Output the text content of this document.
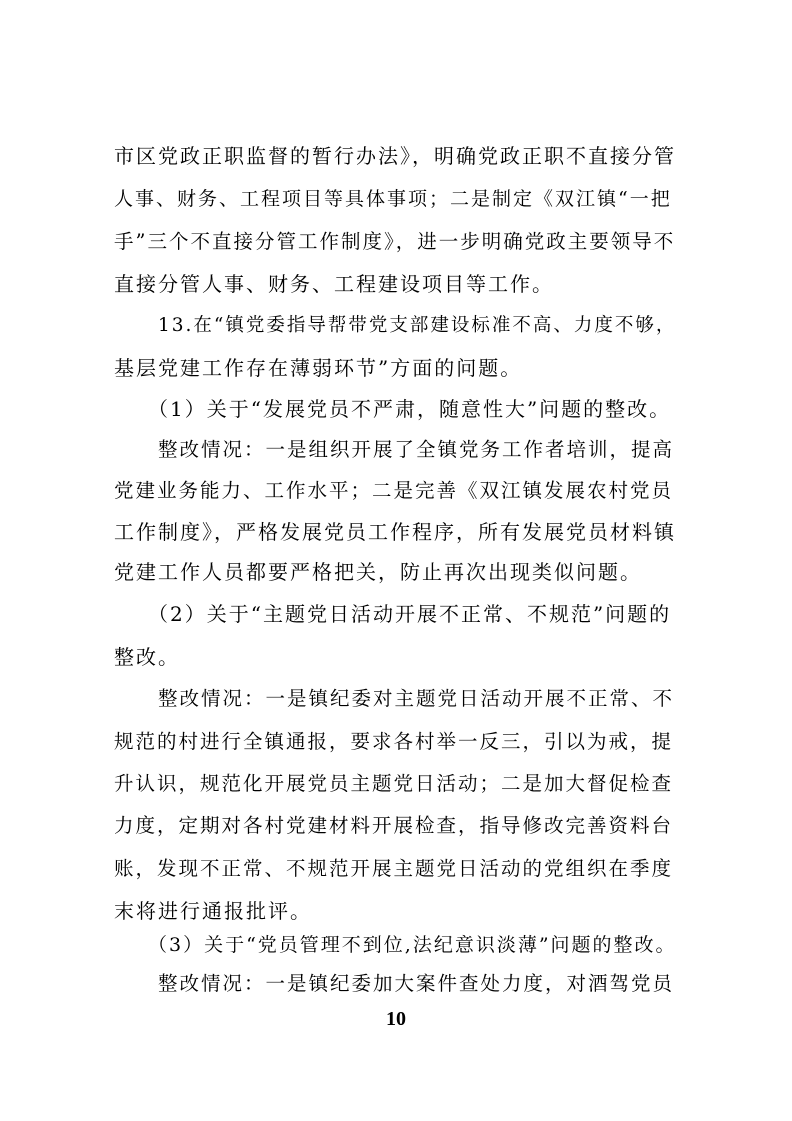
市区党政正职监督的暂行办法》，明确党政正职不直接分管
人事、财务、工程项目等具体事项；二是制定《双江镇“一把
手”三个不直接分管工作制度》，进一步明确党政主要领导不
直接分管人事、财务、工程建设项目等工作。
13.在“镇党委指导帮带党支部建设标准不高、力度不够，
基层党建工作存在薄弱环节”方面的问题。
（1）关于“发展党员不严肃，随意性大”问题的整改。
整改情况：一是组织开展了全镇党务工作者培训，提高
党建业务能力、工作水平；二是完善《双江镇发展农村党员
工作制度》，严格发展党员工作程序，所有发展党员材料镇
党建工作人员都要严格把关，防止再次出现类似问题。
（2）关于“主题党日活动开展不正常、不规范”问题的
整改。
整改情况：一是镇纪委对主题党日活动开展不正常、不
规范的村进行全镇通报，要求各村举一反三，引以为戒，提
升认识，规范化开展党员主题党日活动；二是加大督促检查
力度，定期对各村党建材料开展检查，指导修改完善资料台
账，发现不正常、不规范开展主题党日活动的党组织在季度
末将进行通报批评。
（3）关于“党员管理不到位,法纪意识淡薄”问题的整改。
整改情况：一是镇纪委加大案件查处力度，对酒驾党员
10
